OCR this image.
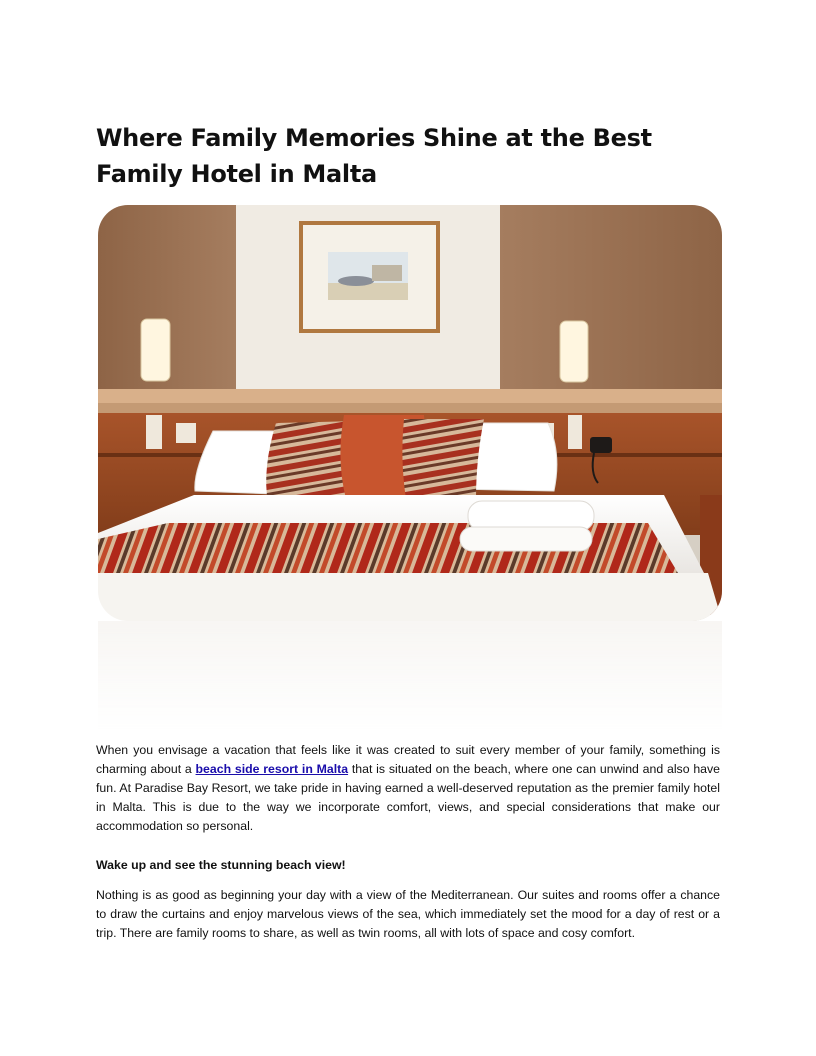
Where Family Memories Shine at the Best Family Hotel in Malta

When you envisage a vacation that feels like it was created to suit every member of your family, something is charming about a beach side resort in Malta that is situated on the beach, where one can unwind and also have fun. At Paradise Bay Resort, we take pride in having earned a well-deserved reputation as the premier family hotel in Malta. This is due to the way we incorporate comfort, views, and special considerations that make our accommodation so personal.

Wake up and see the stunning beach view!

Nothing is as good as beginning your day with a view of the Mediterranean. Our suites and rooms offer a chance to draw the curtains and enjoy marvelous views of the sea, which immediately set the mood for a day of rest or a trip. There are family rooms to share, as well as twin rooms, all with lots of space and cosy comfort.
